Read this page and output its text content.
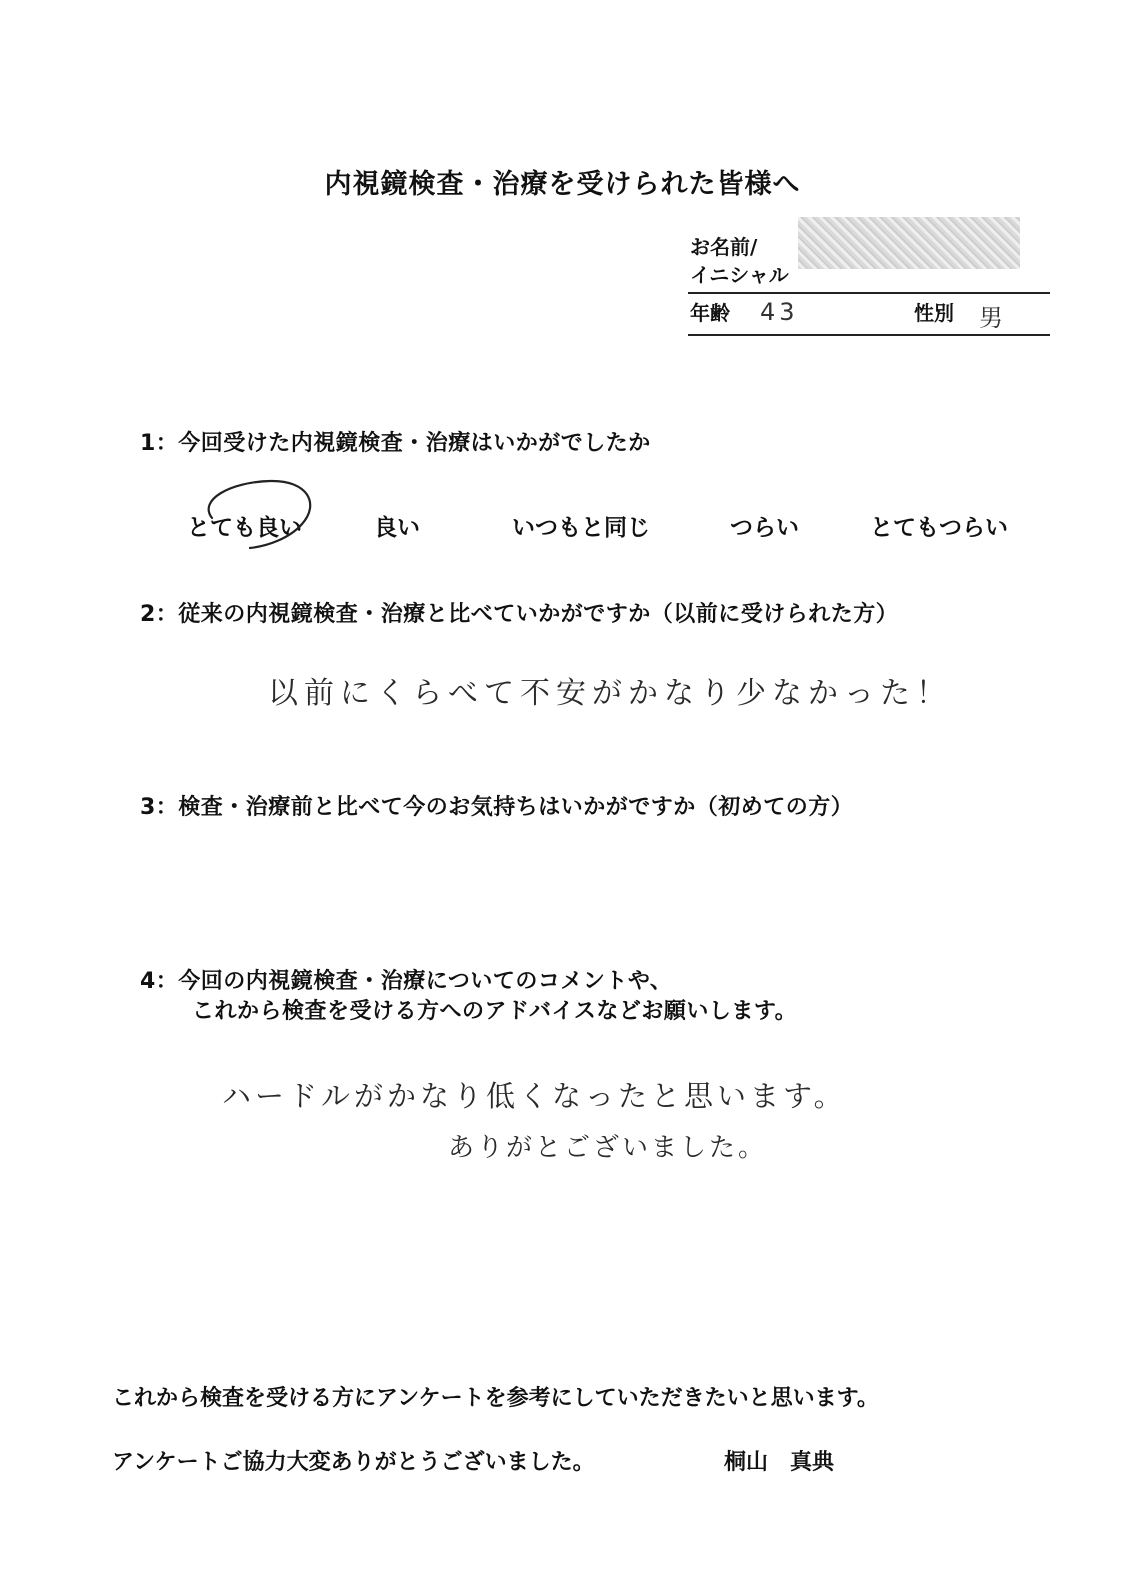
内視鏡検査・治療を受けられた皆様へ
お名前/
イニシャル
年齢 43	性別 男
1：今回受けた内視鏡検査・治療はいかがでしたか
とても良い	良い	いつもと同じ	つらい	とてもつらい
2：従来の内視鏡検査・治療と比べていかがですか（以前に受けられた方）
以前にくらべて不安がかなり少なかった！
3：検査・治療前と比べて今のお気持ちはいかがですか（初めての方）
4：今回の内視鏡検査・治療についてのコメントや、
これから検査を受ける方へのアドバイスなどお願いします。
ハードルがかなり低くなったと思います。
ありがとございました。
これから検査を受ける方にアンケートを参考にしていただきたいと思います。
アンケートご協力大変ありがとうございました。	桐山　真典
